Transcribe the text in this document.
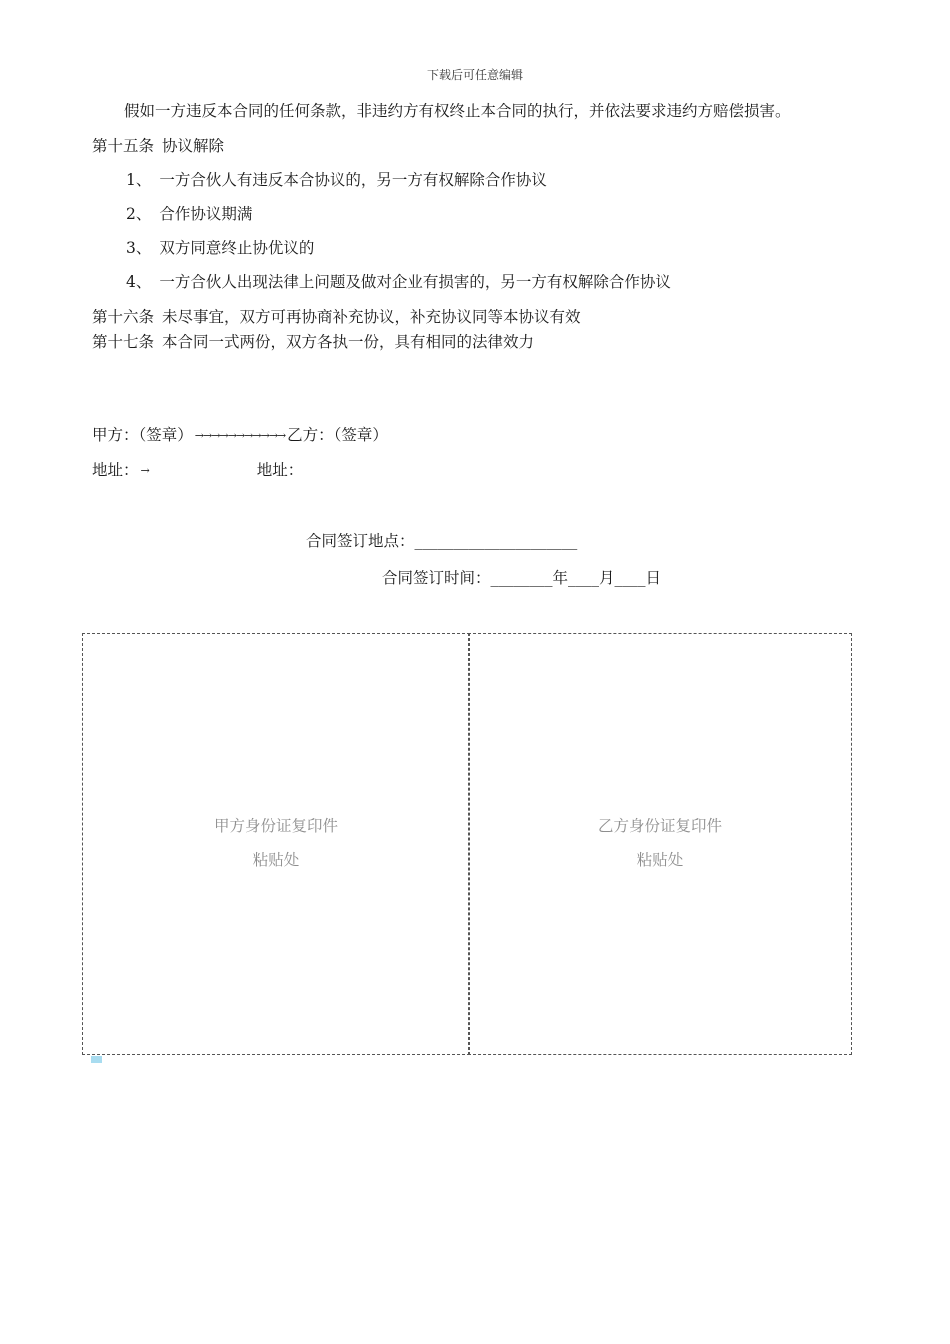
下载后可任意编辑
假如一方违反本合同的任何条款，非违约方有权终止本合同的执行，并依法要求违约方赔偿损害。
第十五条 协议解除
1、 一方合伙人有违反本合协议的，另一方有权解除合作协议
2、 合作协议期满
3、 双方同意终止协优议的
4、 一方合伙人出现法律上问题及做对企业有损害的，另一方有权解除合作协议
第十六条 未尽事宜，双方可再协商补充协议，补充协议同等本协议有效
第十七条 本合同一式两份，双方各执一份，具有相同的法律效力
甲方：（签章） →→→→→→→→→→→ 乙方：（签章）
地址： →	地址：
合同签订地点：_____________________
合同签订时间：________年____月____日
甲方身份证复印件
粘贴处
乙方身份证复印件
粘贴处
